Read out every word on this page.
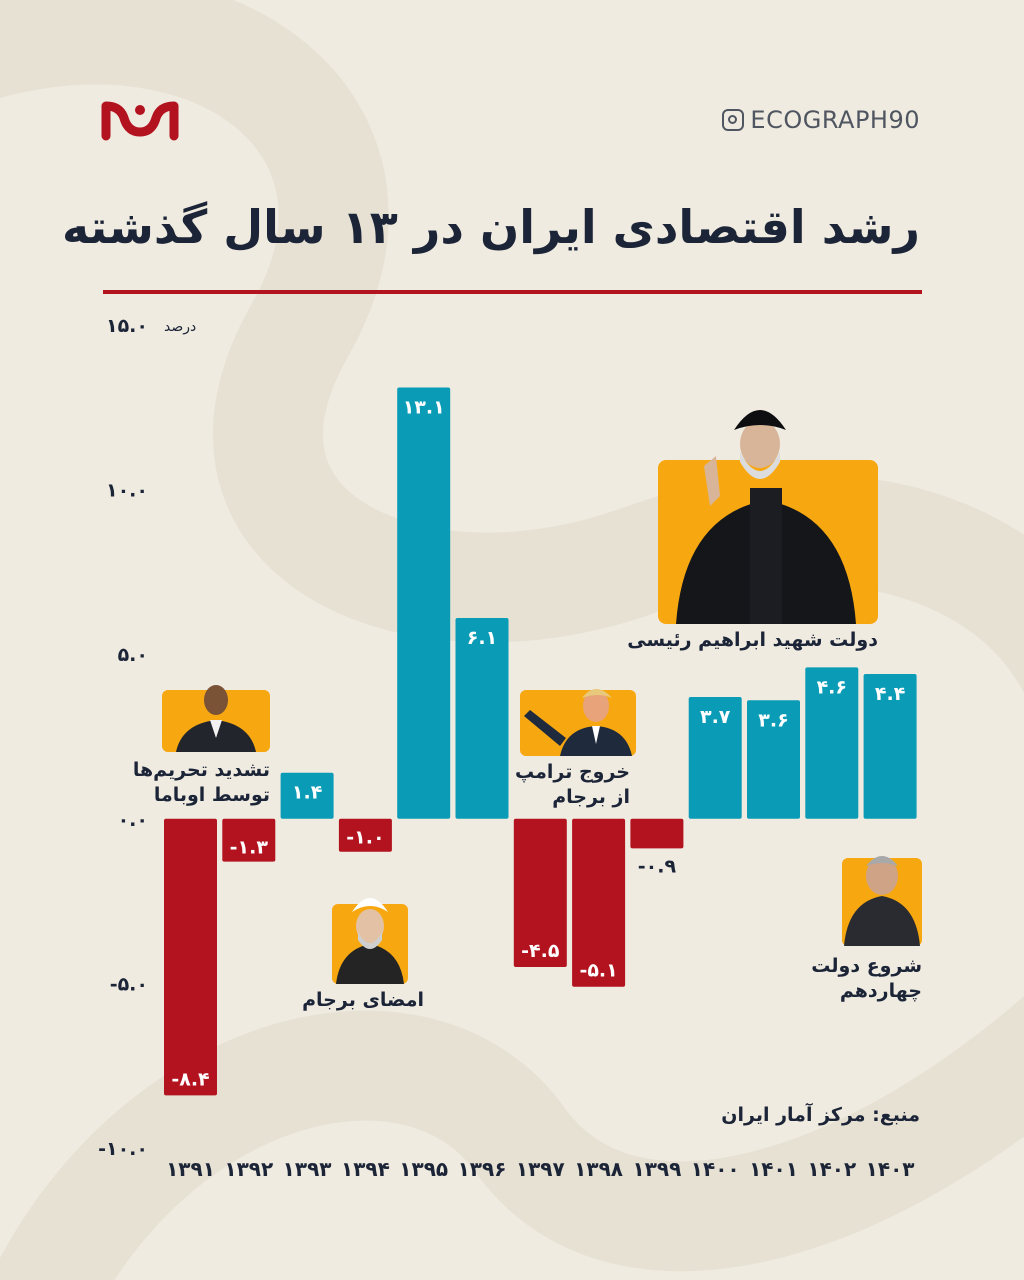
ECOGRAPH90
رشد اقتصادی ایران در ۱۳ سال گذشته
۱۵.۰
۱۰.۰
۵.۰
۰.۰
-۵.۰
-۱۰.۰
درصد
-۸.۴
-۱.۳
۱.۴
-۱.۰
۱۳.۱
۶.۱
-۴.۵
-۵.۱
-۰.۹
۳.۷ ۳.۶
۴.۶ ۴.۴
۱۳۹۱ ۱۳۹۲ ۱۳۹۳ ۱۳۹۴ ۱۳۹۵ ۱۳۹۶ ۱۳۹۷ ۱۳۹۸ ۱۳۹۹ ۱۴۰۰ ۱۴۰۱ ۱۴۰۲ ۱۴۰۳
تشدید تحریم‌ها
توسط اوباما
امضای برجام
خروج ترامپ
از برجام
دولت شهید ابراهیم رئیسی
شروع دولت
چهاردهم
منبع: مرکز آمار ایران
